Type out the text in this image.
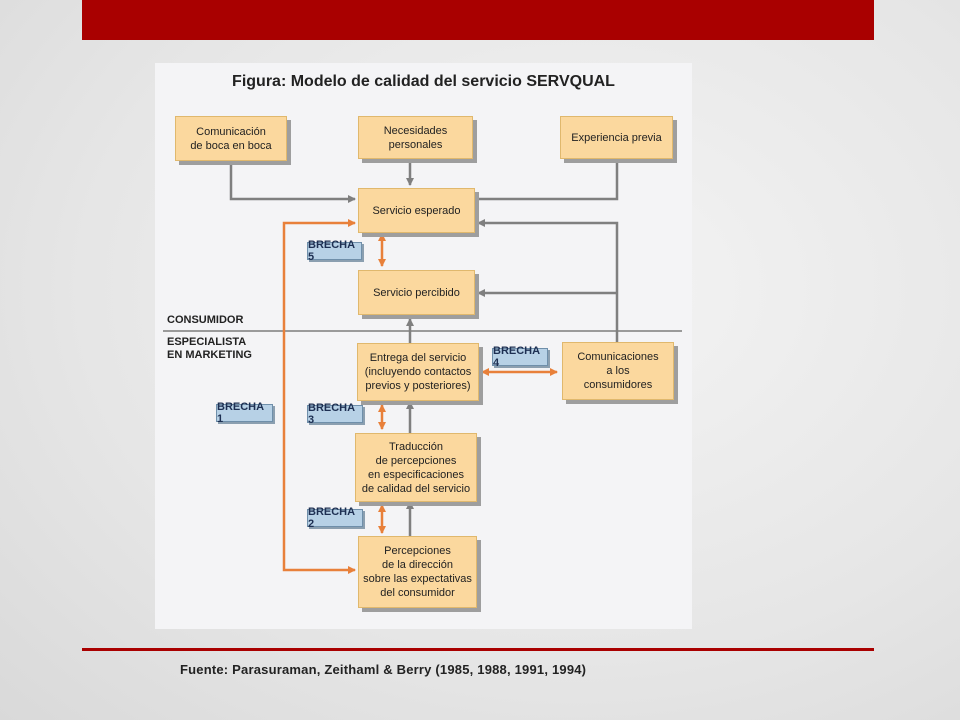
Figura: Modelo de calidad del servicio SERVQUAL
Comunicación
de boca en boca
Necesidades
personales
Experiencia previa
Servicio esperado
Servicio percibido
Entrega del servicio
(incluyendo contactos
previos y posteriores)
Comunicaciones
a los
consumidores
Traducción
de percepciones
en especificaciones
de calidad del servicio
Percepciones
de la dirección
sobre las expectativas
del consumidor
BRECHA 5
BRECHA 4
BRECHA 1
BRECHA 3
BRECHA 2
CONSUMIDOR
ESPECIALISTA
EN MARKETING
Fuente: Parasuraman, Zeithaml & Berry (1985, 1988, 1991, 1994)
